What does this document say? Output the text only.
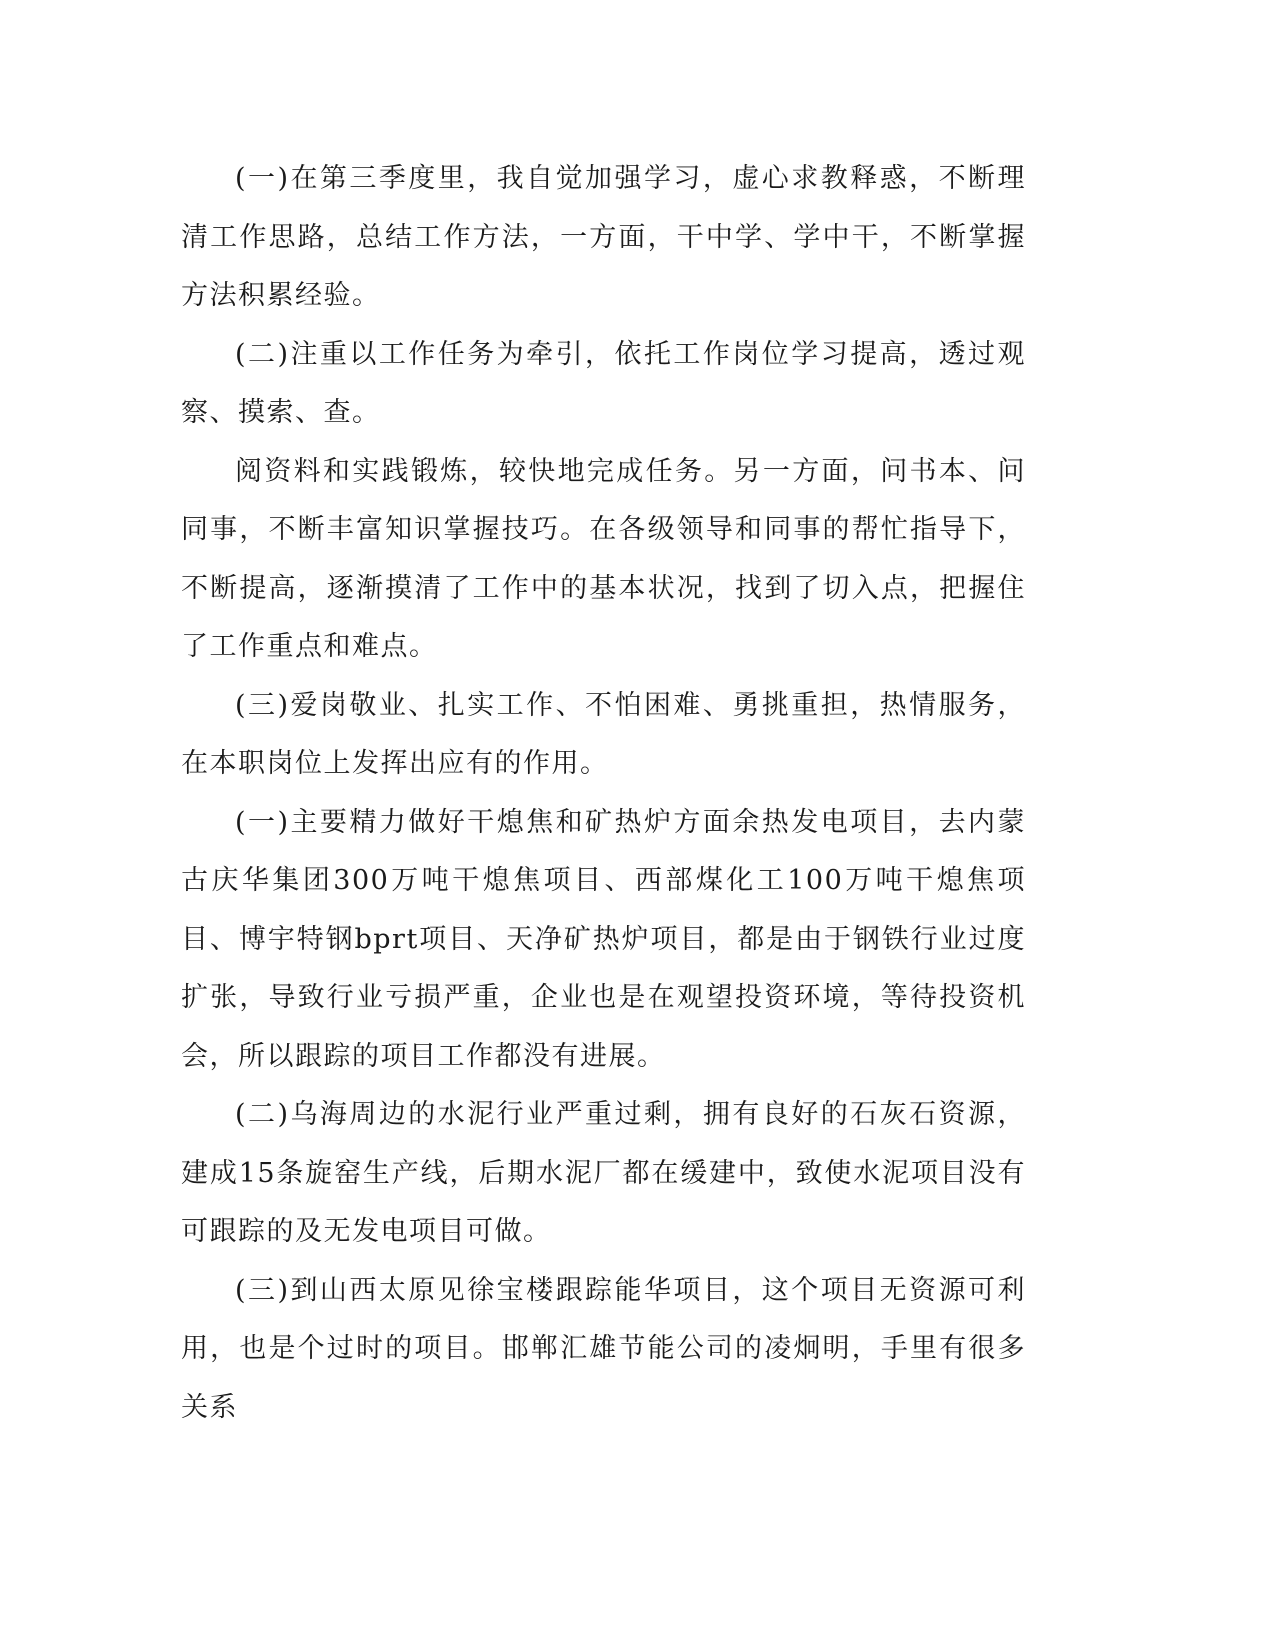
(一)在第三季度里，我自觉加强学习，虚心求教释惑，不断理清工作思路，总结工作方法，一方面，干中学、学中干，不断掌握方法积累经验。

(二)注重以工作任务为牵引，依托工作岗位学习提高，透过观察、摸索、查。

阅资料和实践锻炼，较快地完成任务。另一方面，问书本、问同事，不断丰富知识掌握技巧。在各级领导和同事的帮忙指导下，不断提高，逐渐摸清了工作中的基本状况，找到了切入点，把握住了工作重点和难点。

(三)爱岗敬业、扎实工作、不怕困难、勇挑重担，热情服务，在本职岗位上发挥出应有的作用。

(一)主要精力做好干熄焦和矿热炉方面余热发电项目，去内蒙古庆华集团300万吨干熄焦项目、西部煤化工100万吨干熄焦项目、博宇特钢bprt项目、天净矿热炉项目，都是由于钢铁行业过度扩张，导致行业亏损严重，企业也是在观望投资环境，等待投资机会，所以跟踪的项目工作都没有进展。

(二)乌海周边的水泥行业严重过剩，拥有良好的石灰石资源，建成15条旋窑生产线，后期水泥厂都在缓建中，致使水泥项目没有可跟踪的及无发电项目可做。

(三)到山西太原见徐宝楼跟踪能华项目，这个项目无资源可利用，也是个过时的项目。邯郸汇雄节能公司的凌炯明，手里有很多关系
